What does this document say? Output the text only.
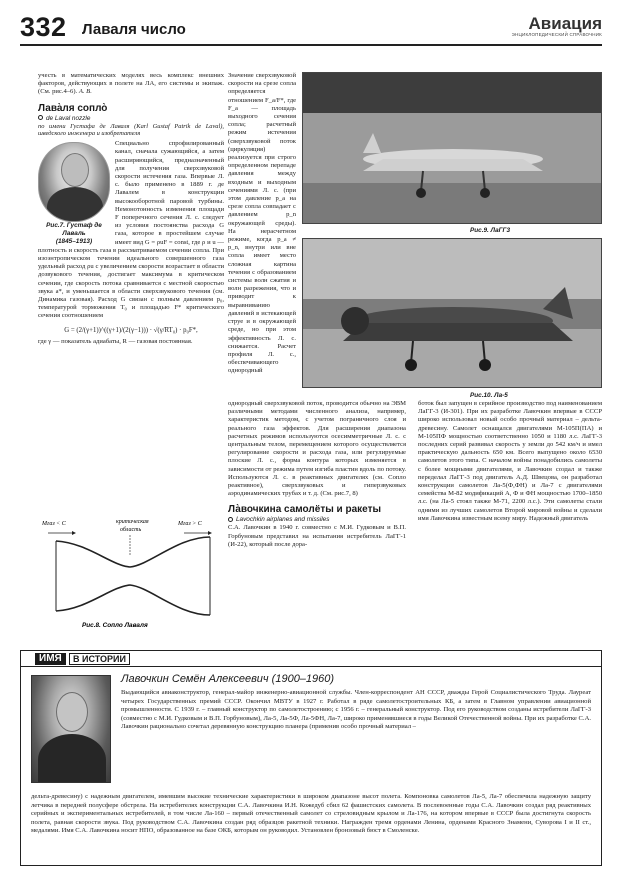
332 Лаваля число	Авиация
ЭНЦИКЛОПЕДИЧЕСКИЙ СПРАВОЧНИК

учесть в математических моделях весь комплекс внешних факторов, действующих в полете на ЛА, его системы и экипаж. (См. рис.4–6). А. В.

Лава̀ля сопло̀
de Laval nozzle
по имени Густафа де Лаваля (Karl Gustaf Patrik de Laval), шведского инженера и изобретателя
Рис.7. Густаф де Лаваль
(1845–1913)

Специально спрофилированный канал, сначала сужающийся, а затем расширяющийся, предназначенный для получения сверхзвуковой скорости истечения газа. Впервые Л. с. было применено в 1889 г. де Лавалем в конструкции высокооборотной паровой турбины. Немонотонность изменения площади F поперечного сечения Л. с. следует из условия постоянства расхода G газа, которое в простейшем случае имеет вид G = ρuF = const, где ρ и u — плотность и скорость газа в рассматриваемом сечении сопла. При изоэнтропическом течении идеального совершенного газа удельный расход ρu с увеличением скорости возрастает в области дозвукового течения, достигает максимума в критическом сечении, где скорость потока сравнивается с местной скоростью звука a*, и уменьшается в области сверхзвукового течения (см. Динамика газовая). Расход G связан с полным давлением p₀, температурой торможения T₀ и площадью F* критического сечения соотношением

G = (2/(γ+1))^((γ+1)/(2(γ−1))) · √(γ/RT₀) · p₀F*,

где γ — показатель адиабаты, R — газовая постоянная.

Мгаз < С	Мгаз > С
критическая
область
Рис.8. Сопло Лаваля

Значение сверхзвуковой скорости на срезе сопла определяется отношением F_a/F*, где F_a — площадь выходного сечения сопла; расчетный режим истечения (сверхзвуковой поток (циркуляция) реализуется при строго определенном перепаде давления между входным и выходным сечениями Л. с. (при этом давление p_a на срезе сопла совпадает с давлением p_n окружающей среды). На нерасчетном режиме, когда p_a ≠ p_n, внутри или вне сопла имеет место сложная картина течения с образованием системы волн сжатия и волн разрежения, что и приводит к выравниванию давлений в истекающей струе и в окружающей среде, но при этом эффективность Л. с. снижается. Расчет профиля Л. с., обеспечивающего однородный

Рис.9. ЛаГГ3
Рис.10. Ла-5

однородный сверхзвуковой поток, проводится обычно на ЭВМ различными методами численного анализа, например, характеристик методом, с учетом пограничного слоя и реального газа эффектов. Для расширения диапазона расчетных режимов используются осесимметричные Л. с. с центральным телом, перемещением которого осуществляется регулирование скорости и расхода газа, или регулируемые плоские Л. с., форма контура которых изменяется в зависимости от режима путем изгиба пластин вдоль по потоку. Используются Л. с. в реактивных двигателях (см. Сопло реактивное), сверхзвуковых и гиперзвуковых аэродинамических трубах и т. д. (См. рис.7, 8)

Ла̀вочкина самолёты и ракеты
Lavochkin airplanes and missiles

С.А. Лавочкин в 1940 г. совместно с М.И. Гудковым и В.П. Горбуновым представил на испытания истребитель ЛаГГ-1 (И-22), который после дора-

боток был запущен в серийное производство под наименованием ЛаГГ-3 (И-301). При их разработке Лавочкин впервые в СССР широко использовал новый особо прочный материал – дельта-древесину. Самолет оснащался двигателями М-105П(ПА) и М-105ПФ мощностью соответственно 1050 и 1180 л.с. ЛаГГ-3 последних серий развивал скорость у земли до 542 км/ч и имел практическую дальность 650 км. Всего выпущено около 6530 самолетов этого типа. С началом войны понадобились самолеты с более мощными двигателями, и Лавочкин создал и также переделал ЛаГГ-3 под двигатель А.Д. Швецова, он разработал конструкции самолетов Ла-5(Ф,ФН) и Ла-7 с двигателями семейства М-82 модификаций А, Ф и ФН мощностью 1700–1850 л.с. (на Ла-5 стоял также М-71, 2200 л.с.). Эти самолеты стали одними из лучших самолетов Второй мировой войны и сделали имя Лавочкина известным всему миру. Надежный двигатель

ИМЯ	В ИСТОРИИ
Лавочкин Семён Алексеевич (1900–1960)
Выдающийся авиаконструктор, генерал-майор инженерно-авиационной службы. Член-корреспондент АН СССР, дважды Герой Социалистического Труда. Лауреат четырех Государственных премий СССР. Окончил МВТУ в 1927 г. Работал в ряде самолетостроительных КБ, а затем в Главном управлении авиационной промышленности. С 1939 г. – главный конструктор по самолетостроению; с 1956 г. – генеральный конструктор. Под его руководством созданы истребители ЛаГГ-3 (совместно с М.И. Гудковым и В.П. Горбуновым), Ла-5, Ла-5Ф, Ла-5ФН, Ла-7, широко применявшиеся в годы Великой Отечественной войны. При их разработке С.А. Лавочкин рационально сочетал деревянную конструкцию планера (применив особо прочный материал –
дельта-древесину) с надежным двигателем, имевшим высокие технические характеристики в широком диапазоне высот полета. Компоновка самолетов Ла-5, Ла-7 обеспечила надежную защиту летчика в передней полусфере обстрела. На истребителях конструкции С.А. Лавочкина И.Н. Кожедуб сбил 62 фашистских самолета. В послевоенные годы С.А. Лавочкин создал ряд реактивных серийных и экспериментальных истребителей, в том числе Ла-160 – первый отечественный самолет со стреловидным крылом и Ла-176, на котором впервые в СССР была достигнута скорость полета, равная скорости звука. Под руководством С.А. Лавочкина создан ряд образцов ракетной техники. Награжден тремя орденами Ленина, орденами Красного Знамени, Суворова I и II ст., медалями. Имя С.А. Лавочкина носит НПО, образованное на базе ОКБ, которым он руководил. Установлен бронзовый бюст в Смоленске.
